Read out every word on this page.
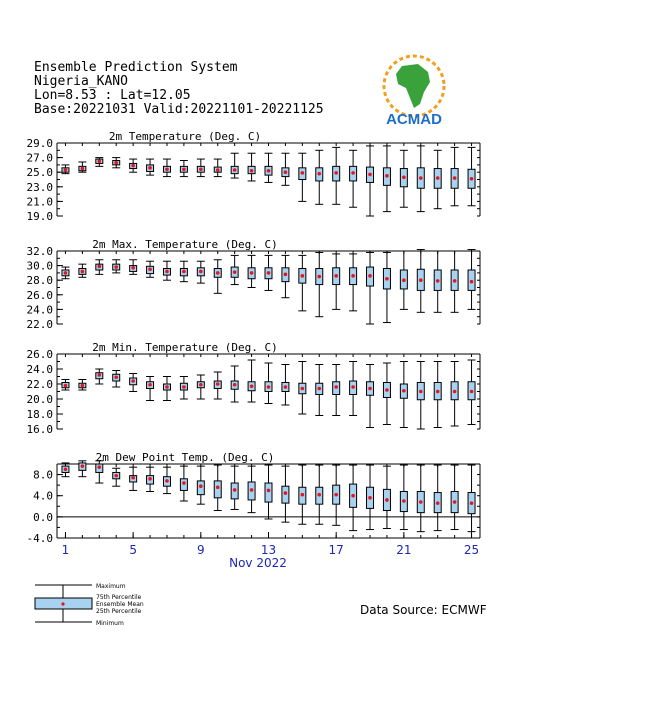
Ensemble Prediction System
Nigeria_KANO
Lon=8.53 : Lat=12.05
Base:20221031 Valid:20221101-20221125
ACMAD
29.0
27.0
25.0
23.0
21.0
19.0
2m Temperature (Deg. C)
32.0
30.0
28.0
26.0
24.0
22.0
2m Max. Temperature (Deg. C)
26.0
24.0
22.0
20.0
18.0
16.0
2m Min. Temperature (Deg. C)
8.0
4.0
0.0
-4.0
2m Dew Point Temp. (Deg. C)
1	5	9	13	17	21	25
Nov 2022
Maximum
75th Percentile
Ensemble Mean
25th Percentile
Minimum
Data Source: ECMWF
